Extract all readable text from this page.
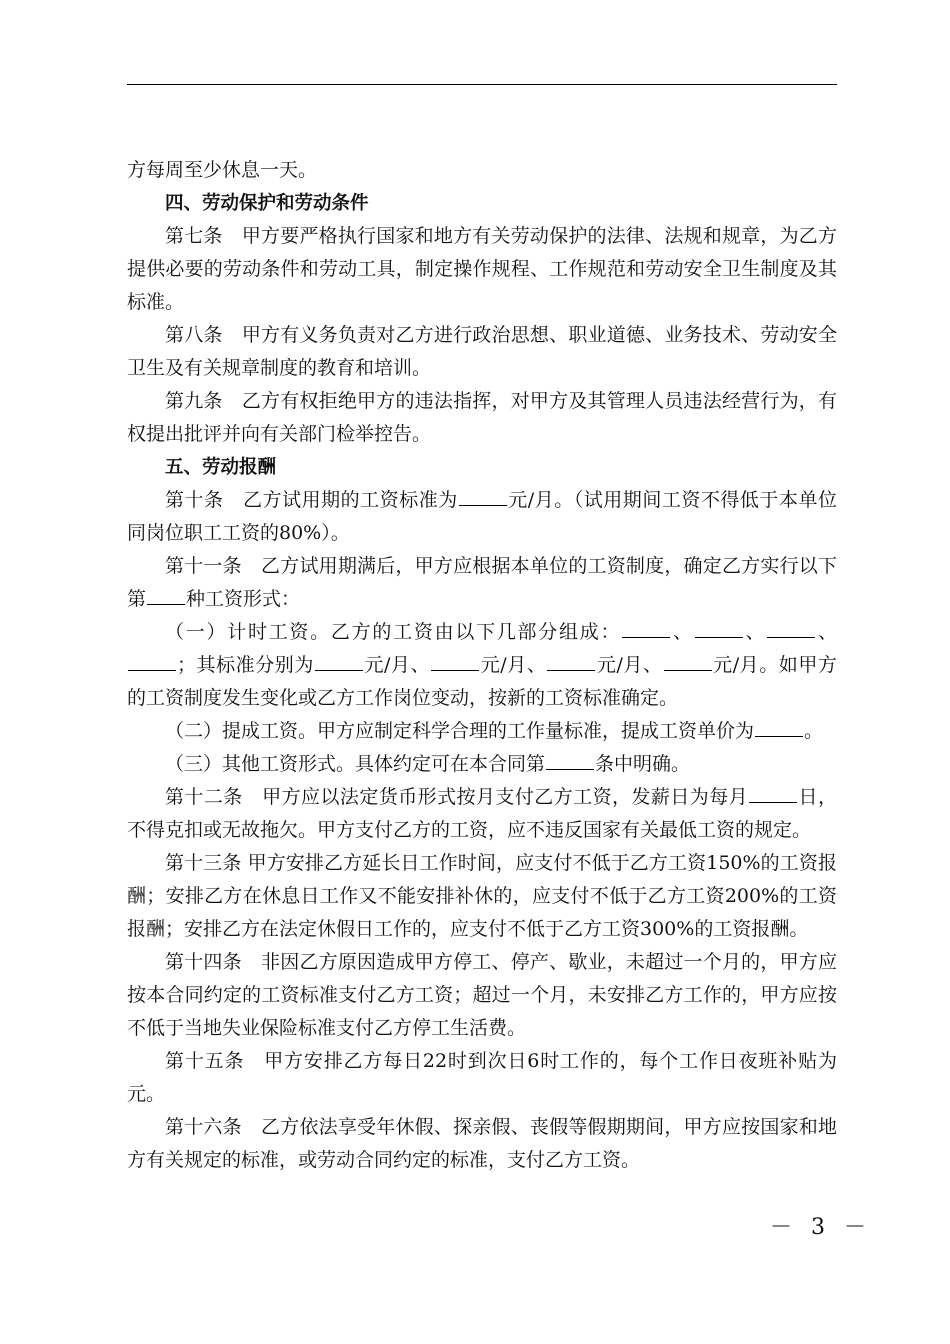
方每周至少休息一天。

四、劳动保护和劳动条件

第七条　甲方要严格执行国家和地方有关劳动保护的法律、法规和规章，为乙方提供必要的劳动条件和劳动工具，制定操作规程、工作规范和劳动安全卫生制度及其标准。

第八条　甲方有义务负责对乙方进行政治思想、职业道德、业务技术、劳动安全卫生及有关规章制度的教育和培训。

第九条　乙方有权拒绝甲方的违法指挥，对甲方及其管理人员违法经营行为，有权提出批评并向有关部门检举控告。

五、劳动报酬

第十条　乙方试用期的工资标准为	元/月。（试用期间工资不得低于本单位同岗位职工工资的80%）。

第十一条　乙方试用期满后，甲方应根据本单位的工资制度，确定乙方实行以下第 种工资形式：

（一）计时工资。乙方的工资由以下几部分组成：	、	、	、；其标准分别为	元/月、	元/月、	元/月、	元/月。如甲方的工资制度发生变化或乙方工作岗位变动，按新的工资标准确定。

（二）提成工资。甲方应制定科学合理的工作量标准，提成工资单价为	。

（三）其他工资形式。具体约定可在本合同第	条中明确。

第十二条　甲方应以法定货币形式按月支付乙方工资，发薪日为每月	日，不得克扣或无故拖欠。甲方支付乙方的工资，应不违反国家有关最低工资的规定。

第十三条 甲方安排乙方延长日工作时间，应支付不低于乙方工资150%的工资报酬；安排乙方在休息日工作又不能安排补休的，应支付不低于乙方工资200%的工资报酬；安排乙方在法定休假日工作的，应支付不低于乙方工资300%的工资报酬。

第十四条　非因乙方原因造成甲方停工、停产、歇业，未超过一个月的，甲方应按本合同约定的工资标准支付乙方工资；超过一个月，未安排乙方工作的，甲方应按不低于当地失业保险标准支付乙方停工生活费。

第十五条　甲方安排乙方每日22时到次日6时工作的，每个工作日夜班补贴为元。

第十六条　乙方依法享受年休假、探亲假、丧假等假期期间，甲方应按国家和地方有关规定的标准，或劳动合同约定的标准，支付乙方工资。

－ 3 －
